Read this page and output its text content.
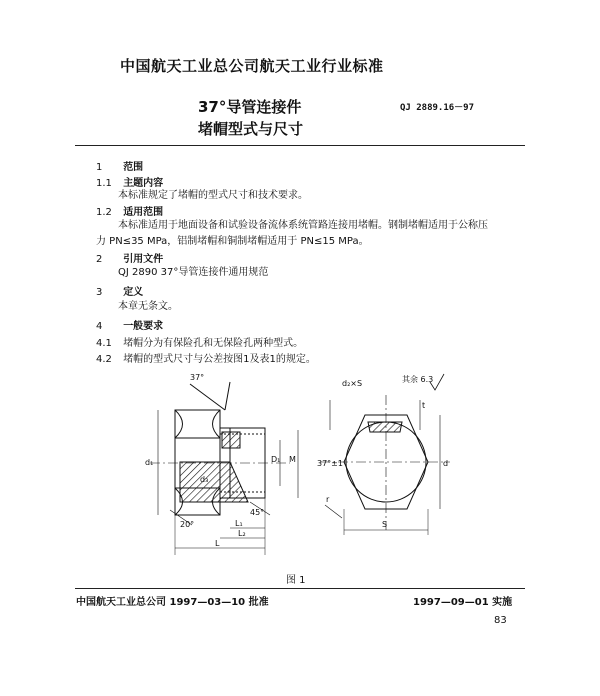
中国航天工业总公司航天工业行业标准
37°导管连接件
堵帽型式与尺寸
QJ 2889.16－97
1 范围
1.1 主题内容
本标准规定了堵帽的型式尺寸和技术要求。
1.2 适用范围
本标准适用于地面设备和试验设备流体系统管路连接用堵帽。钢制堵帽适用于公称压
力 PN≤35 MPa，铝制堵帽和铜制堵帽适用于 PN≤15 MPa。
2 引用文件
QJ 2890 37°导管连接件通用规范
3 定义
本章无条文。
4 一般要求
4.1 堵帽分为有保险孔和无保险孔两种型式。
4.2 堵帽的型式尺寸与公差按图1及表1的规定。
37°
d₁	D₁ M
d₃
20°
45°
L₁
L₂
L
d₂×S	其余 6.3
37°±1	d
S
t
r
图 1
中国航天工业总公司 1997—03—10 批准	1997—09—01 实施
83
